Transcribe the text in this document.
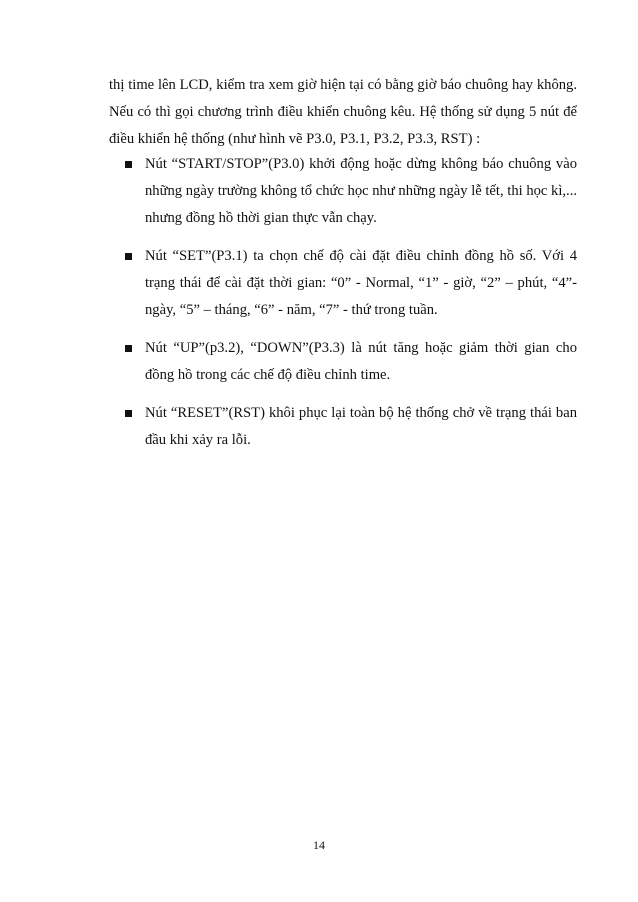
thị time lên LCD, kiểm tra xem giờ hiện tại có bằng giờ báo chuông hay không. Nếu có thì gọi chương trình điều khiển chuông kêu. Hệ thống sử dụng 5 nút để điều khiển hệ thống (như hình vẽ P3.0, P3.1, P3.2, P3.3, RST) :

Nút “START/STOP”(P3.0) khởi động hoặc dừng không báo chuông vào những ngày trường không tổ chức học như những ngày lễ tết, thi học kì,... nhưng đồng hồ thời gian thực vẫn chạy.
Nút “SET”(P3.1) ta chọn chế độ cài đặt điều chỉnh đồng hồ số. Với 4 trạng thái để cài đặt thời gian: “0” - Normal, “1” - giờ, “2” – phút, “4”- ngày, “5” – tháng, “6” - năm, “7” - thứ trong tuần.
Nút “UP”(p3.2), “DOWN”(P3.3) là nút tăng hoặc giảm thời gian cho đồng hồ trong các chế độ điều chỉnh time.
Nút “RESET”(RST) khôi phục lại toàn bộ hệ thống chở về trạng thái ban đầu khi xảy ra lỗi.
14
